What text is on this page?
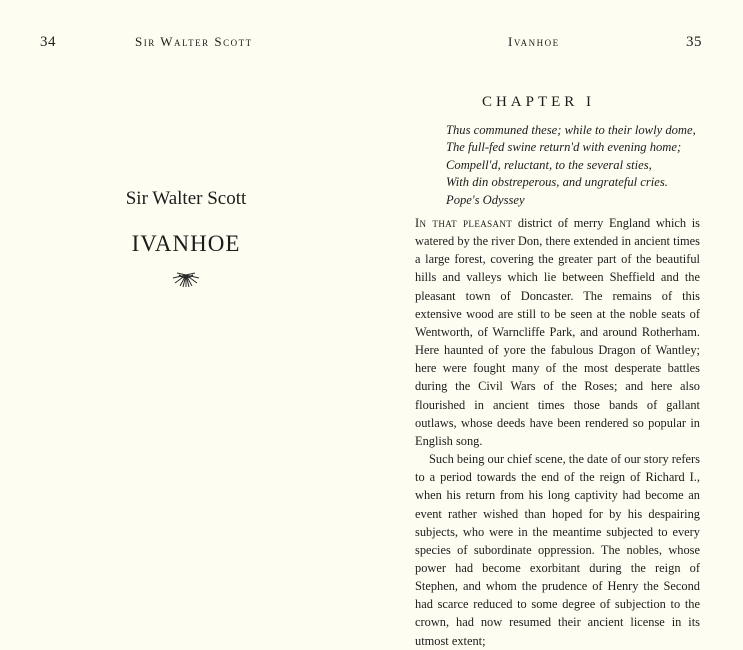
34	Sir Walter Scott
Sir Walter Scott
IVANHOE
Ivanhoe	35
CHAPTER I
Thus communed these; while to their lowly dome,
The full-fed swine return'd with evening home;
Compell'd, reluctant, to the several sties,
With din obstreperous, and ungrateful cries.
Pope's Odyssey

In that pleasant district of merry England which is watered by the river Don, there extended in ancient times a large forest, covering the greater part of the beautiful hills and valleys which lie between Sheffield and the pleasant town of Doncaster. The remains of this extensive wood are still to be seen at the noble seats of Wentworth, of Warncliffe Park, and around Rotherham. Here haunted of yore the fabulous Dragon of Wantley; here were fought many of the most desperate battles during the Civil Wars of the Roses; and here also flourished in ancient times those bands of gallant outlaws, whose deeds have been rendered so popular in English song.

Such being our chief scene, the date of our story refers to a period towards the end of the reign of Richard I., when his return from his long captivity had become an event rather wished than hoped for by his despairing subjects, who were in the meantime subjected to every species of subordinate oppression. The nobles, whose power had become exorbitant during the reign of Stephen, and whom the prudence of Henry the Second had scarce reduced to some degree of subjection to the crown, had now resumed their ancient license in its utmost extent;
